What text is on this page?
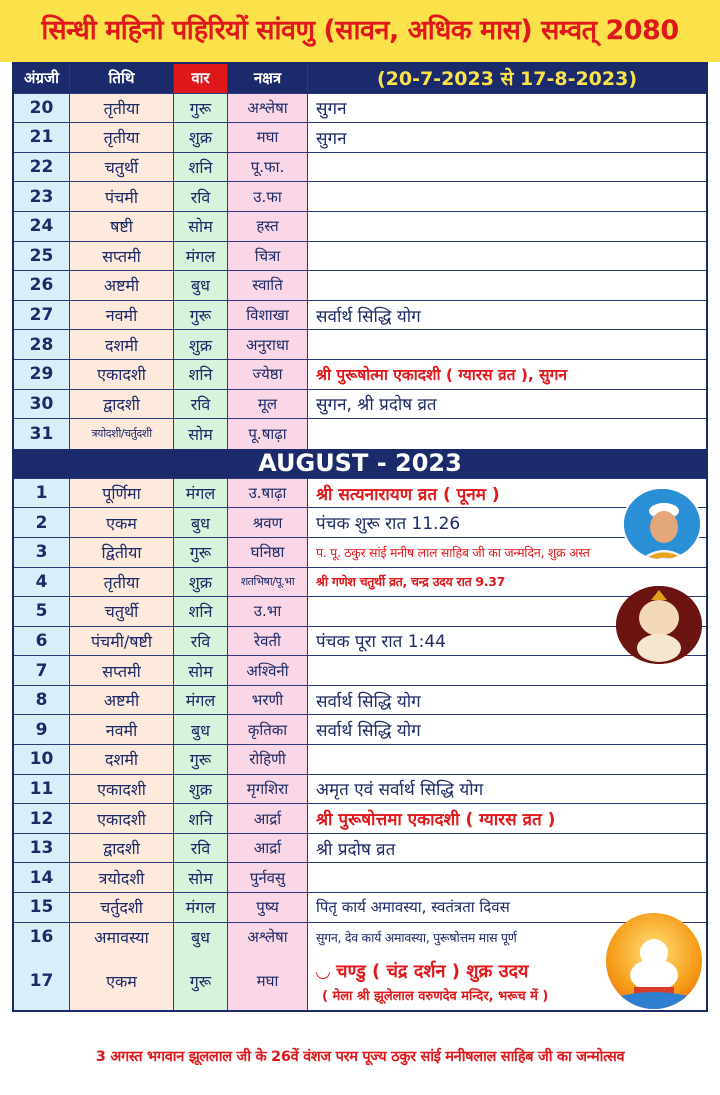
सिन्धी महिनो पहिरियों सांवणु (सावन, अधिक मास) सम्वत् 2080
अंग्रजी	तिथि	वार	नक्षत्र	(20-7-2023 से 17-8-2023)
20	तृतीया	गुरू	अश्लेषा	सुगन
21	तृतीया	शुक्र	मघा	सुगन
22	चतुर्थी	शनि	पू.फा.
23	पंचमी	रवि	उ.फा
24	षष्टी	सोम	हस्त
25	सप्तमी	मंगल	चित्रा
26	अष्टमी	बुध	स्वाति
27	नवमी	गुरू	विशाखा	सर्वार्थ सिद्धि योग
28	दशमी	शुक्र	अनुराधा
29	एकादशी	शनि	ज्येष्ठा	श्री पुरूषोत्मा एकादशी ( ग्यारस व्रत ), सुगन
30	द्वादशी	रवि	मूल	सुगन, श्री प्रदोष व्रत
31	त्रयोदशी/चर्तुदशी	सोम	पू.षाढ़ा
AUGUST - 2023
1	पूर्णिमा	मंगल	उ.षाढ़ा	श्री सत्यनारायण व्रत ( पूनम )
2	एकम	बुध	श्रवण	पंचक शुरू रात 11.26
3	द्वितीया	गुरू	घनिष्ठा	प. पू. ठकुर सांई मनीष लाल साहिब जी का जन्मदिन, शुक्र अस्त
4	तृतीया	शुक्र	शतभिषा/पू.भा	श्री गणेश चतुर्थी व्रत, चन्द्र उदय रात 9.37
5	चतुर्थी	शनि	उ.भा
6	पंचमी/षष्टी	रवि	रेवती	पंचक पूरा रात 1:44
7	सप्तमी	सोम	अश्विनी
8	अष्टमी	मंगल	भरणी	सर्वार्थ सिद्धि योग
9	नवमी	बुध	कृतिका	सर्वार्थ सिद्धि योग
10	दशमी	गुरू	रोहिणी
11	एकादशी	शुक्र	मृगशिरा	अमृत एवं सर्वार्थ सिद्धि योग
12	एकादशी	शनि	आर्द्रा	श्री पुरूषोत्तमा एकादशी ( ग्यारस व्रत )
13	द्वादशी	रवि	आर्द्रा	श्री प्रदोष व्रत
14	त्रयोदशी	सोम	पुर्नवसु
15	चर्तुदशी	मंगल	पुष्य	पितृ कार्य अमावस्या, स्वतंत्रता दिवस
16	अमावस्या	बुध	अश्लेषा	सुगन, देव कार्य अमावस्या, पुरूषोत्तम मास पूर्ण
17	एकम	गुरू	मघा	◡ चण्डु ( चंद्र दर्शन ) शुक्र उदय
( मेला श्री झूलेलाल वरुणदेव मन्दिर, भरूच में )
3 अगस्त भगवान झूललाल जी के 26वें वंशज परम पूज्य ठकुर सांई मनीषलाल साहिब जी का जन्मोत्सव
